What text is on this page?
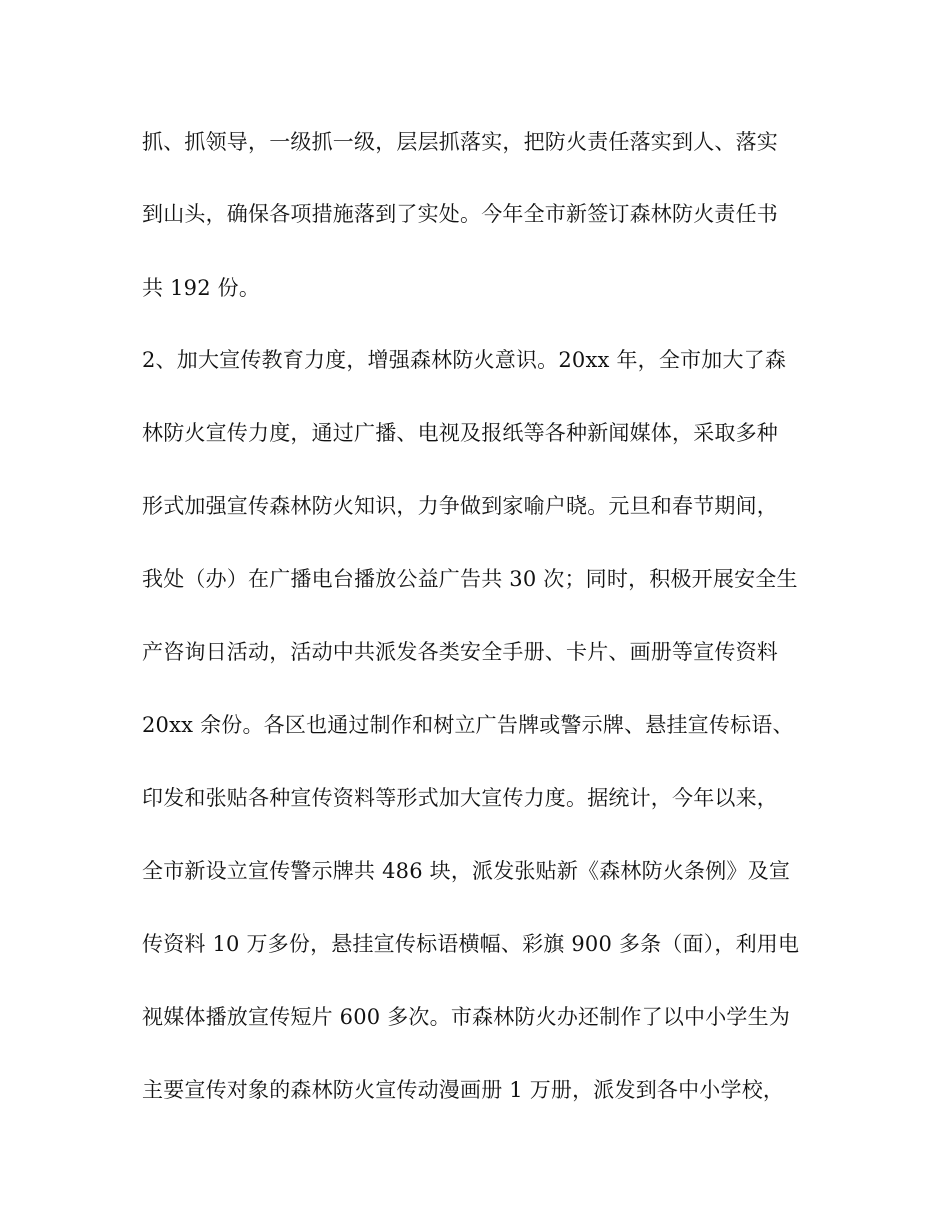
抓、抓领导，一级抓一级，层层抓落实，把防火责任落实到人、落实
到山头，确保各项措施落到了实处。今年全市新签订森林防火责任书
共 192 份。
2、加大宣传教育力度，增强森林防火意识。20xx 年，全市加大了森
林防火宣传力度，通过广播、电视及报纸等各种新闻媒体，采取多种
形式加强宣传森林防火知识，力争做到家喻户晓。元旦和春节期间，
我处（办）在广播电台播放公益广告共 30 次；同时，积极开展安全生
产咨询日活动，活动中共派发各类安全手册、卡片、画册等宣传资料
20xx 余份。各区也通过制作和树立广告牌或警示牌、悬挂宣传标语、
印发和张贴各种宣传资料等形式加大宣传力度。据统计，今年以来，
全市新设立宣传警示牌共 486 块，派发张贴新《森林防火条例》及宣
传资料 10 万多份，悬挂宣传标语横幅、彩旗 900 多条（面），利用电
视媒体播放宣传短片 600 多次。市森林防火办还制作了以中小学生为
主要宣传对象的森林防火宣传动漫画册 1 万册，派发到各中小学校，
